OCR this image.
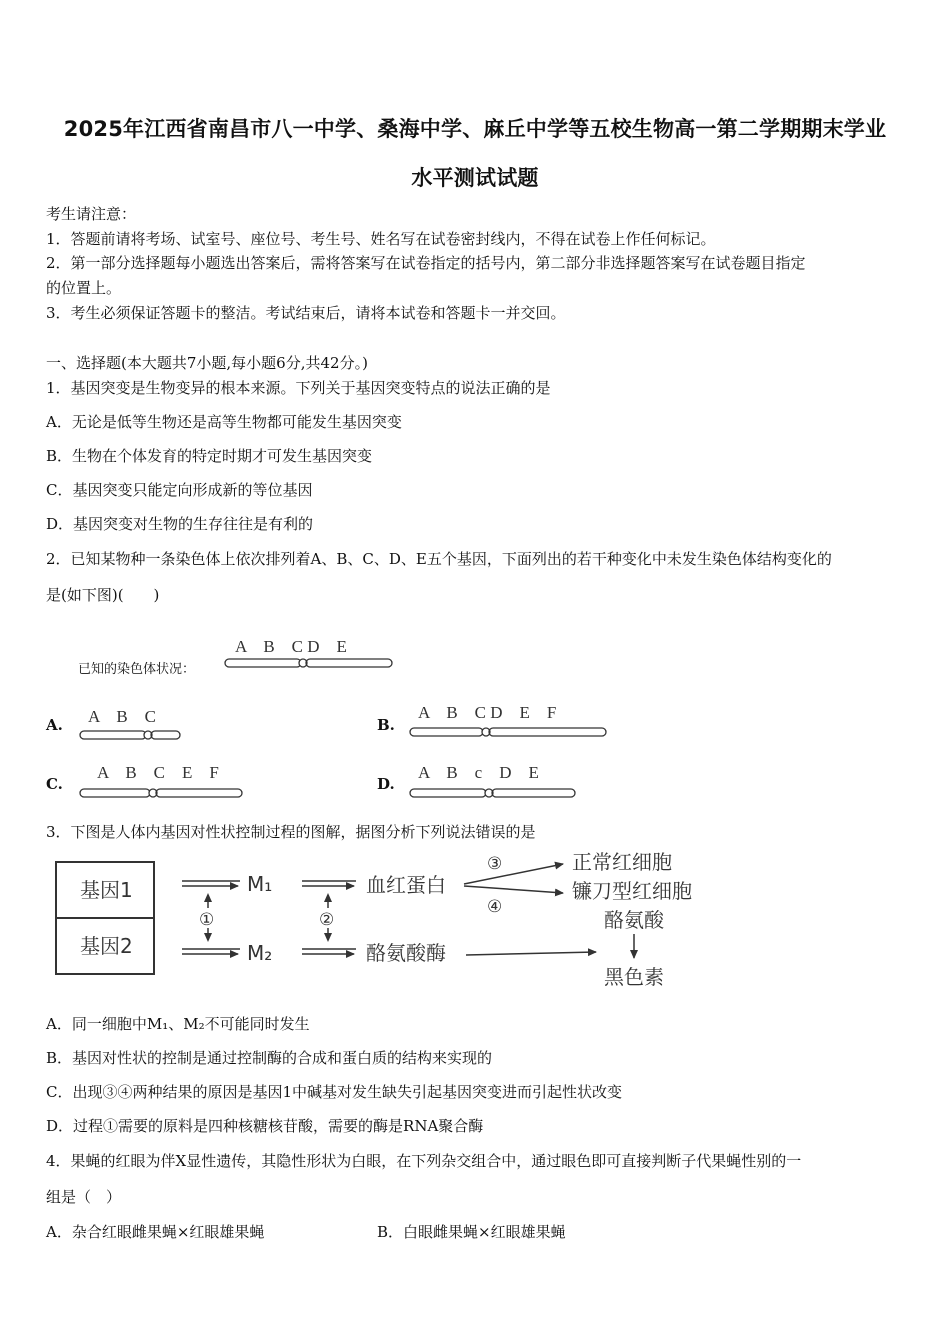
2025年江西省南昌市八一中学、桑海中学、麻丘中学等五校生物高一第二学期期末学业
水平测试试题
考生请注意：
1．答题前请将考场、试室号、座位号、考生号、姓名写在试卷密封线内，不得在试卷上作任何标记。
2．第一部分选择题每小题选出答案后，需将答案写在试卷指定的括号内，第二部分非选择题答案写在试卷题目指定
的位置上。
3．考生必须保证答题卡的整洁。考试结束后，请将本试卷和答题卡一并交回。
一、选择题(本大题共7小题,每小题6分,共42分。)
1．基因突变是生物变异的根本来源。下列关于基因突变特点的说法正确的是
A．无论是低等生物还是高等生物都可能发生基因突变
B．生物在个体发育的特定时期才可发生基因突变
C．基因突变只能定向形成新的等位基因
D．基因突变对生物的生存往往是有利的
2．已知某物种一条染色体上依次排列着A、B、C、D、E五个基因，下面列出的若干种变化中未发生染色体结构变化的
是(如下图)(　　)
已知的染色体状况：
A　B　C D　E
A. A　B　C	B.
A　B　C D　E　F
C.
A　B　C　E　F
D.
A　B　c　D　E
3．下图是人体内基因对性状控制过程的图解，据图分析下列说法错误的是
基因1
基因2
①
M₁
M₂
②
血红蛋白
酪氨酸酶
③
④
正常红细胞
镰刀型红细胞
酪氨酸
黑色素
A．同一细胞中M₁、M₂不可能同时发生
B．基因对性状的控制是通过控制酶的合成和蛋白质的结构来实现的
C．出现③④两种结果的原因是基因1中碱基对发生缺失引起基因突变进而引起性状改变
D．过程①需要的原料是四种核糖核苷酸，需要的酶是RNA聚合酶
4．果蝇的红眼为伴X显性遗传，其隐性形状为白眼，在下列杂交组合中，通过眼色即可直接判断子代果蝇性别的一
组是（　）
A．杂合红眼雌果蝇×红眼雄果蝇	B．白眼雌果蝇×红眼雄果蝇
